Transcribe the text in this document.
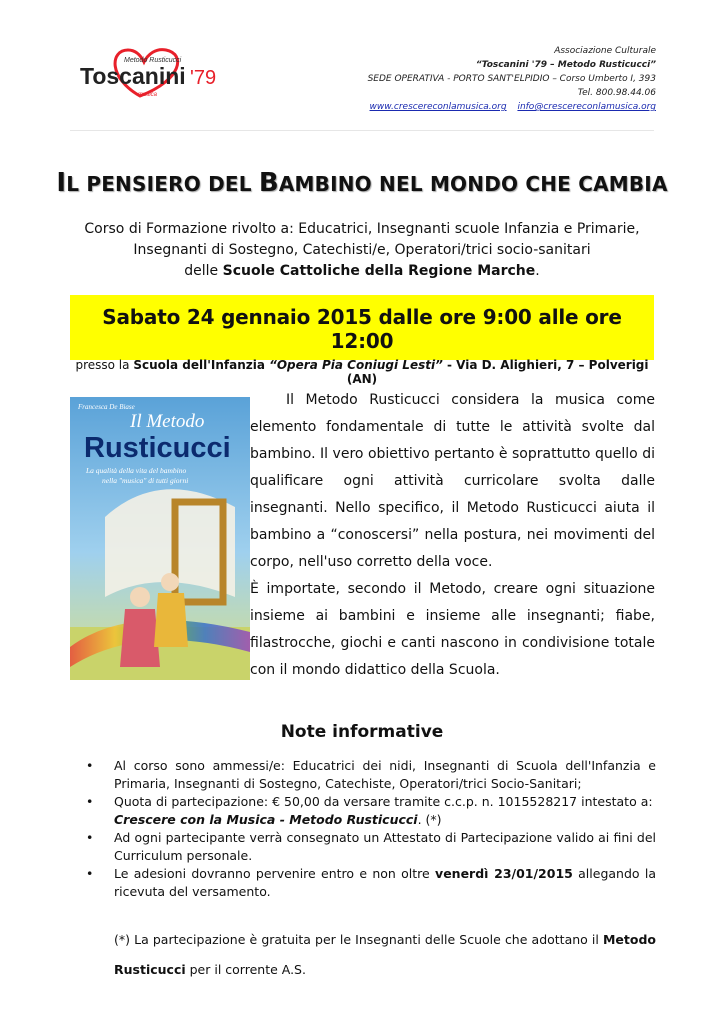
Metodo Rusticucci
Toscanini '79
musica
Associazione Culturale
“Toscanini '79 – Metodo Rusticucci”
SEDE OPERATIVA - PORTO SANT'ELPIDIO – Corso Umberto I, 393
Tel. 800.98.44.06
www.crescereconlamusica.org info@crescereconlamusica.org
IL PENSIERO DEL BAMBINO NEL MONDO CHE CAMBIA
Corso di Formazione rivolto a: Educatrici, Insegnanti scuole Infanzia e Primarie,
Insegnanti di Sostegno, Catechisti/e, Operatori/trici socio-sanitari
delle Scuole Cattoliche della Regione Marche.
Sabato 24 gennaio 2015 dalle ore 9:00 alle ore 12:00
presso la Scuola dell'Infanzia “Opera Pia Coniugi Lesti” - Via D. Alighieri, 7 – Polverigi (AN)
Francesca De Biase
Il Metodo
Rusticucci
La qualità della vita del bambino
nella "musica" di tutti giorni

Il Metodo Rusticucci considera la musica come elemento fondamentale di tutte le attività svolte dal bambino. Il vero obiettivo pertanto è soprattutto quello di qualificare ogni attività curricolare svolta dalle insegnanti. Nello specifico, il Metodo Rusticucci aiuta il bambino a “conoscersi” nella postura, nei movimenti del corpo, nell'uso corretto della voce.

È importate, secondo il Metodo, creare ogni situazione insieme ai bambini e insieme alle insegnanti; fiabe, filastrocche, giochi e canti nascono in condivisione totale con il mondo didattico della Scuola.

Note informative
• Al corso sono ammessi/e: Educatrici dei nidi, Insegnanti di Scuola dell'Infanzia e Primaria, Insegnanti di Sostegno, Catechiste, Operatori/trici Socio-Sanitari;
• Quota di partecipazione: € 50,00 da versare tramite c.c.p. n. 1015528217 intestato a:
Crescere con la Musica - Metodo Rusticucci. (*)
• Ad ogni partecipante verrà consegnato un Attestato di Partecipazione valido ai fini del Curriculum personale.
• Le adesioni dovranno pervenire entro e non oltre venerdì 23/01/2015 allegando la ricevuta del versamento.
(*) La partecipazione è gratuita per le Insegnanti delle Scuole che adottano il Metodo Rusticucci per il corrente A.S.
